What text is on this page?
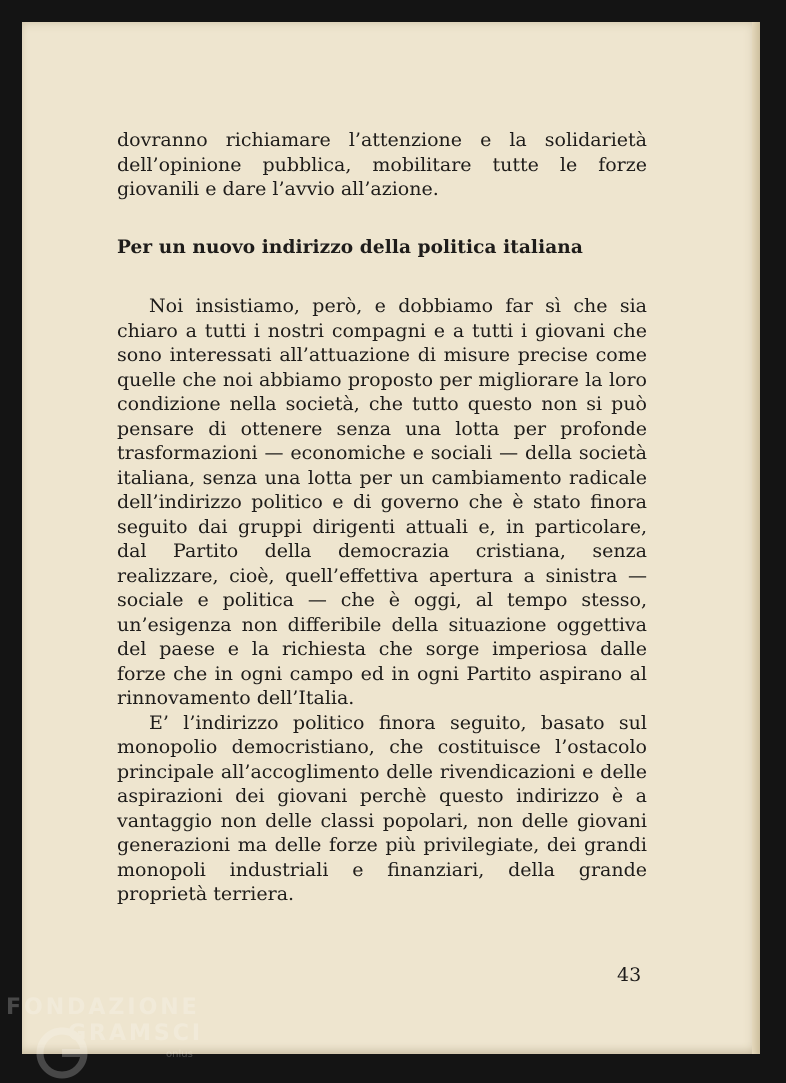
dovranno richiamare l’attenzione e la solidarietà dell’opinione pubblica, mobilitare tutte le forze giovanili e dare l’avvio all’azione.

Per un nuovo indirizzo della politica italiana

Noi insistiamo, però, e dobbiamo far sì che sia chiaro a tutti i nostri compagni e a tutti i giovani che sono interessati all’attuazione di misure precise come quelle che noi abbiamo proposto per migliorare la loro condizione nella società, che tutto questo non si può pensare di ottenere senza una lotta per profonde trasformazioni — economiche e sociali — della società italiana, senza una lotta per un cambiamento radicale dell’indirizzo politico e di governo che è stato finora seguito dai gruppi dirigenti attuali e, in particolare, dal Partito della democrazia cristiana, senza realizzare, cioè, quell’effettiva apertura a sinistra — sociale e politica — che è oggi, al tempo stesso, un’esigenza non differibile della situazione oggettiva del paese e la richiesta che sorge imperiosa dalle forze che in ogni campo ed in ogni Partito aspirano al rinnovamento dell’Italia.

E’ l’indirizzo politico finora seguito, basato sul monopolio democristiano, che costituisce l’ostacolo principale all’accoglimento delle rivendicazioni e delle aspirazioni dei giovani perchè questo indirizzo è a vantaggio non delle classi popolari, non delle giovani generazioni ma delle forze più privilegiate, dei grandi monopoli industriali e finanziari, della grande proprietà terriera.

43
FONDAZIONE
GRAMSCI
onlus
